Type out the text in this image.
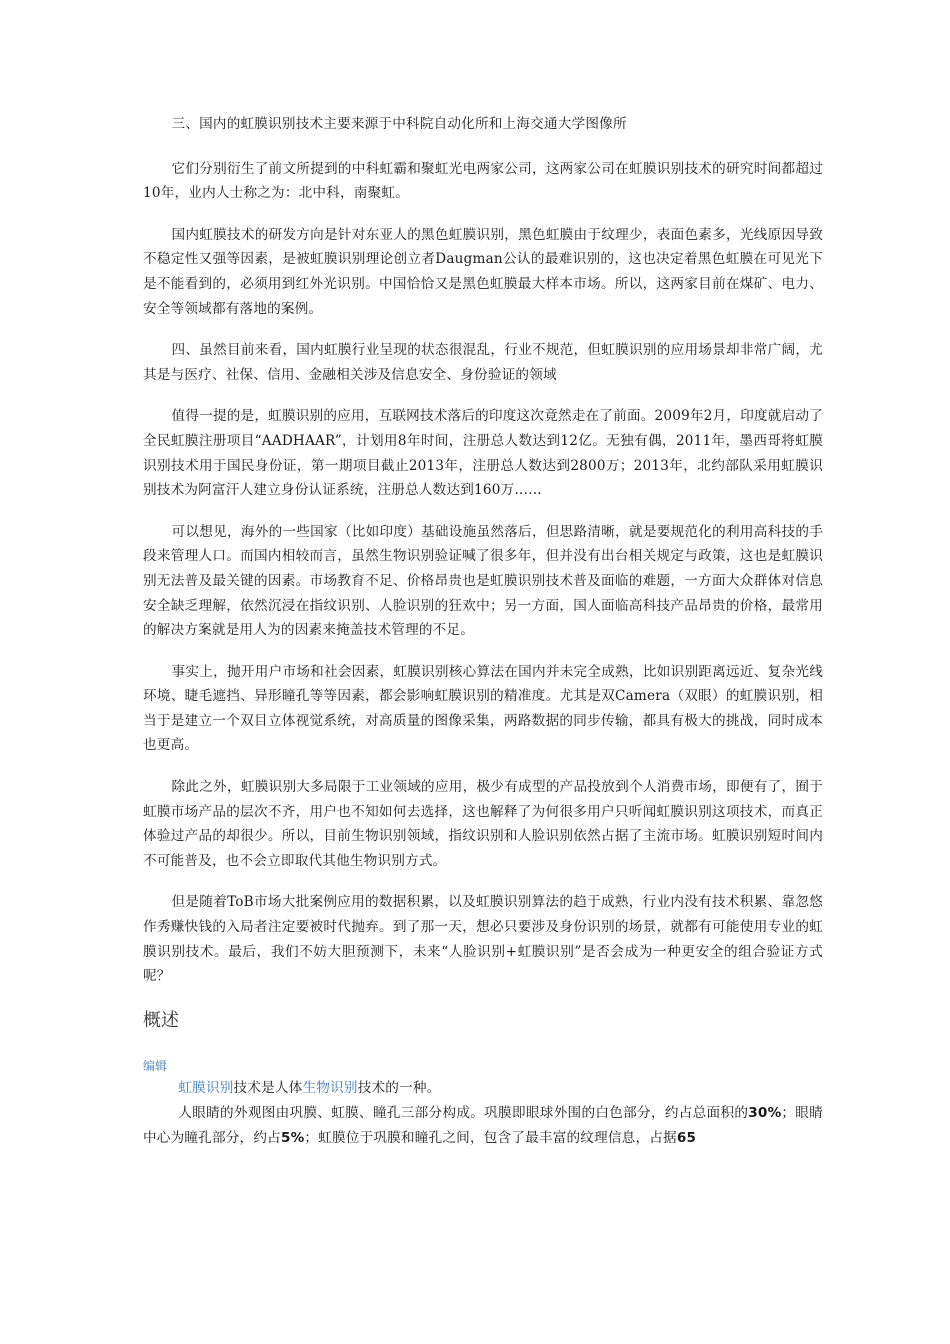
三、国内的虹膜识别技术主要来源于中科院自动化所和上海交通大学图像所

它们分别衍生了前文所提到的中科虹霸和聚虹光电两家公司，这两家公司在虹膜识别技术的研究时间都超过10年，业内人士称之为：北中科，南聚虹。

国内虹膜技术的研发方向是针对东亚人的黑色虹膜识别，黑色虹膜由于纹理少，表面色素多，光线原因导致不稳定性又强等因素，是被虹膜识别理论创立者Daugman公认的最难识别的，这也决定着黑色虹膜在可见光下是不能看到的，必须用到红外光识别。中国恰恰又是黑色虹膜最大样本市场。所以，这两家目前在煤矿、电力、安全等领域都有落地的案例。

四、虽然目前来看，国内虹膜行业呈现的状态很混乱，行业不规范，但虹膜识别的应用场景却非常广阔，尤其是与医疗、社保、信用、金融相关涉及信息安全、身份验证的领域

值得一提的是，虹膜识别的应用，互联网技术落后的印度这次竟然走在了前面。2009年2月，印度就启动了全民虹膜注册项目“AADHAAR”，计划用8年时间，注册总人数达到12亿。无独有偶，2011年，墨西哥将虹膜识别技术用于国民身份证，第一期项目截止2013年，注册总人数达到2800万；2013年，北约部队采用虹膜识别技术为阿富汗人建立身份认证系统，注册总人数达到160万……

可以想见，海外的一些国家（比如印度）基础设施虽然落后，但思路清晰，就是要规范化的利用高科技的手段来管理人口。而国内相较而言，虽然生物识别验证喊了很多年，但并没有出台相关规定与政策，这也是虹膜识别无法普及最关键的因素。市场教育不足、价格昂贵也是虹膜识别技术普及面临的难题，一方面大众群体对信息安全缺乏理解，依然沉浸在指纹识别、人脸识别的狂欢中；另一方面，国人面临高科技产品昂贵的价格，最常用的解决方案就是用人为的因素来掩盖技术管理的不足。

事实上，抛开用户市场和社会因素，虹膜识别核心算法在国内并未完全成熟，比如识别距离远近、复杂光线环境、睫毛遮挡、异形瞳孔等等因素，都会影响虹膜识别的精准度。尤其是双Camera（双眼）的虹膜识别，相当于是建立一个双目立体视觉系统，对高质量的图像采集，两路数据的同步传输，都具有极大的挑战，同时成本也更高。

除此之外，虹膜识别大多局限于工业领域的应用，极少有成型的产品投放到个人消费市场，即便有了，囿于虹膜市场产品的层次不齐，用户也不知如何去选择，这也解释了为何很多用户只听闻虹膜识别这项技术，而真正体验过产品的却很少。所以，目前生物识别领域，指纹识别和人脸识别依然占据了主流市场。虹膜识别短时间内不可能普及，也不会立即取代其他生物识别方式。

但是随着ToB市场大批案例应用的数据积累，以及虹膜识别算法的趋于成熟，行业内没有技术积累、靠忽悠作秀赚快钱的入局者注定要被时代抛弃。到了那一天，想必只要涉及身份识别的场景，就都有可能使用专业的虹膜识别技术。最后，我们不妨大胆预测下，未来“人脸识别+虹膜识别”是否会成为一种更安全的组合验证方式呢？

概述
编辑

虹膜识别技术是人体生物识别技术的一种。

人眼睛的外观图由巩膜、虹膜、瞳孔三部分构成。巩膜即眼球外围的白色部分，约占总面积的30%；眼睛中心为瞳孔部分，约占5%；虹膜位于巩膜和瞳孔之间，包含了最丰富的纹理信息，占据65
